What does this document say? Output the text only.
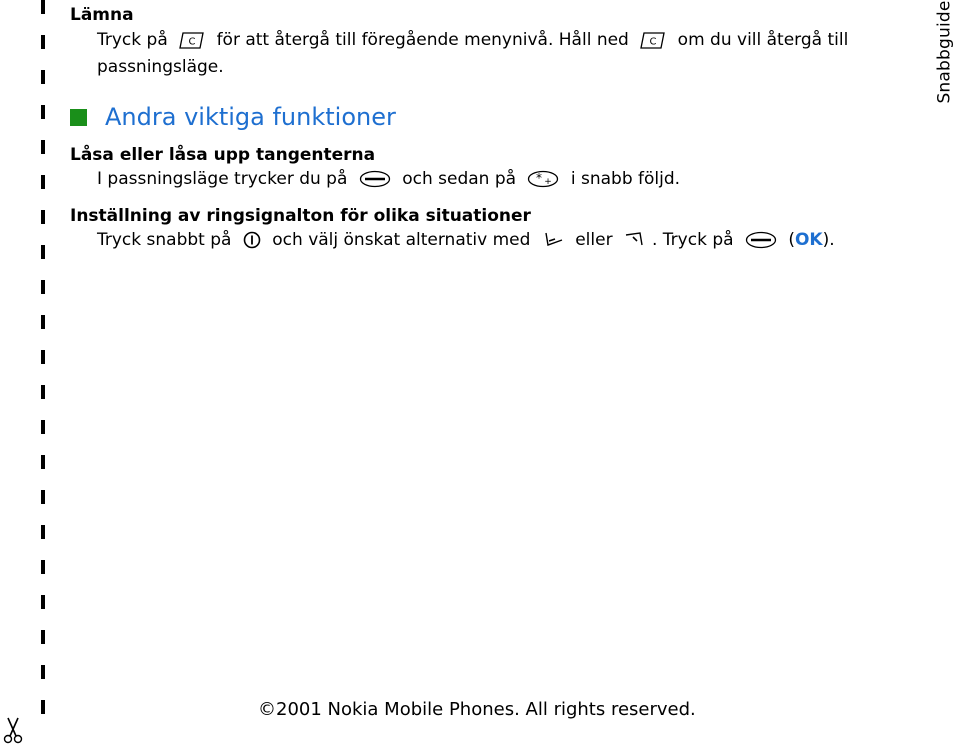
Snabbguide

Lämna

Tryck på C för att återgå till föregående menynivå. Håll ned C om du vill återgå till
passningsläge.

Andra viktiga funktioner

Låsa eller låsa upp tangenterna

I passningsläge trycker du på	och sedan på * + i snabb följd.

Inställning av ringsignalton för olika situationer

Tryck snabbt på och välj önskat alternativ med	eller . Tryck på	(OK).

©2001 Nokia Mobile Phones. All rights reserved.
